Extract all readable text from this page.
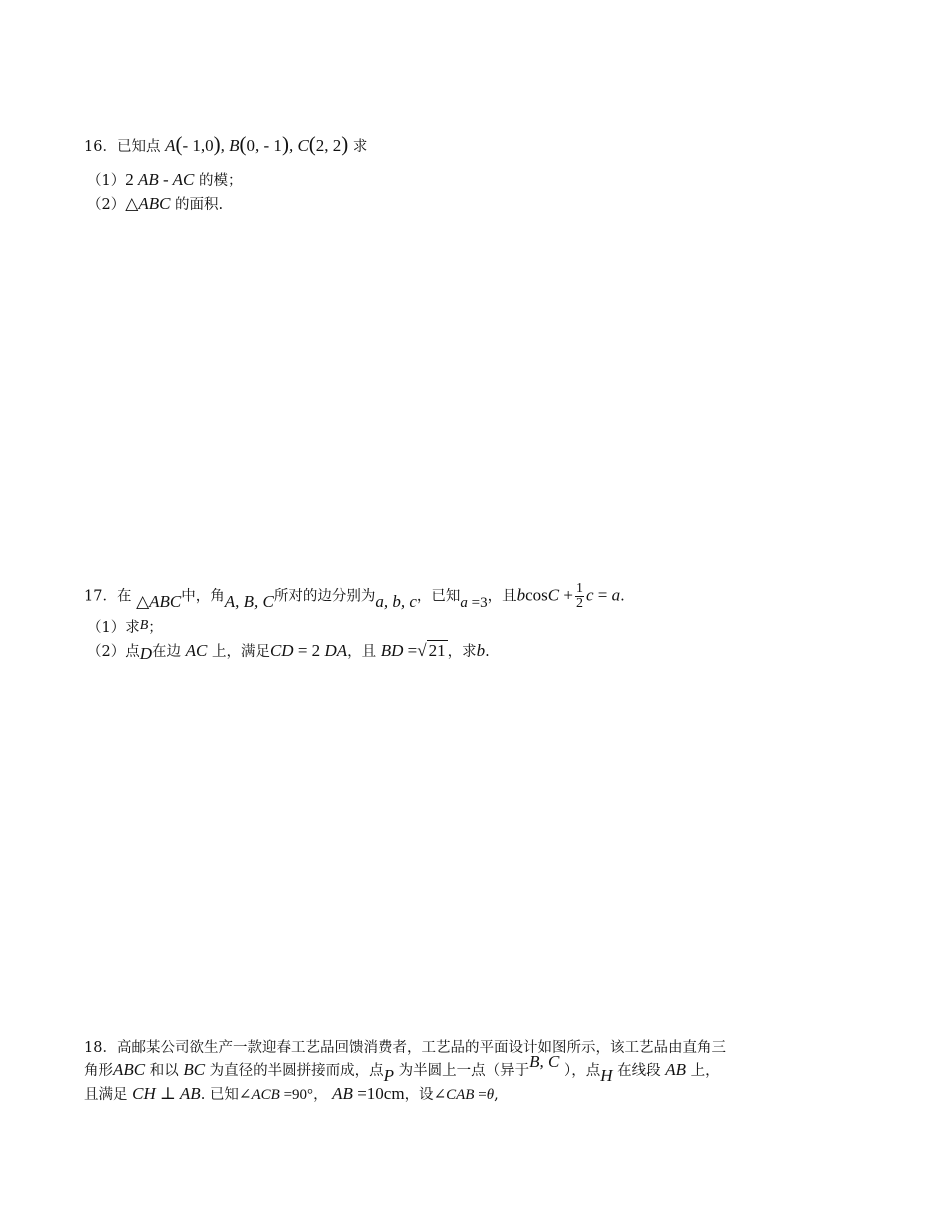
16．已知点 A(- 1,0), B(0, - 1), C(2, 2) 求
（1）2 AB - AC 的模；
（2）△ABC 的面积.
17．在 △ABC中，角A, B, C所对的边分别为a, b, c，已知a =3，且$bcosC + \frac{1}{2}$ c = a.
（1）求B；
（2）点D在边 AC 上，满足CD = 2 DA，且 BD =√ 21 ，求b.
18．高邮某公司欲生产一款迎春工艺品回馈消费者，工艺品的平面设计如图所示，该工艺品由直角三
角形ABC 和以 BC 为直径的半圆拼接而成，点P 为半圆上一点（异于B, C ），点H 在线段 AB 上，
且满足 CH ⊥ AB. 已知∠ACB =90°， AB =10cm，设∠CAB =θ,
